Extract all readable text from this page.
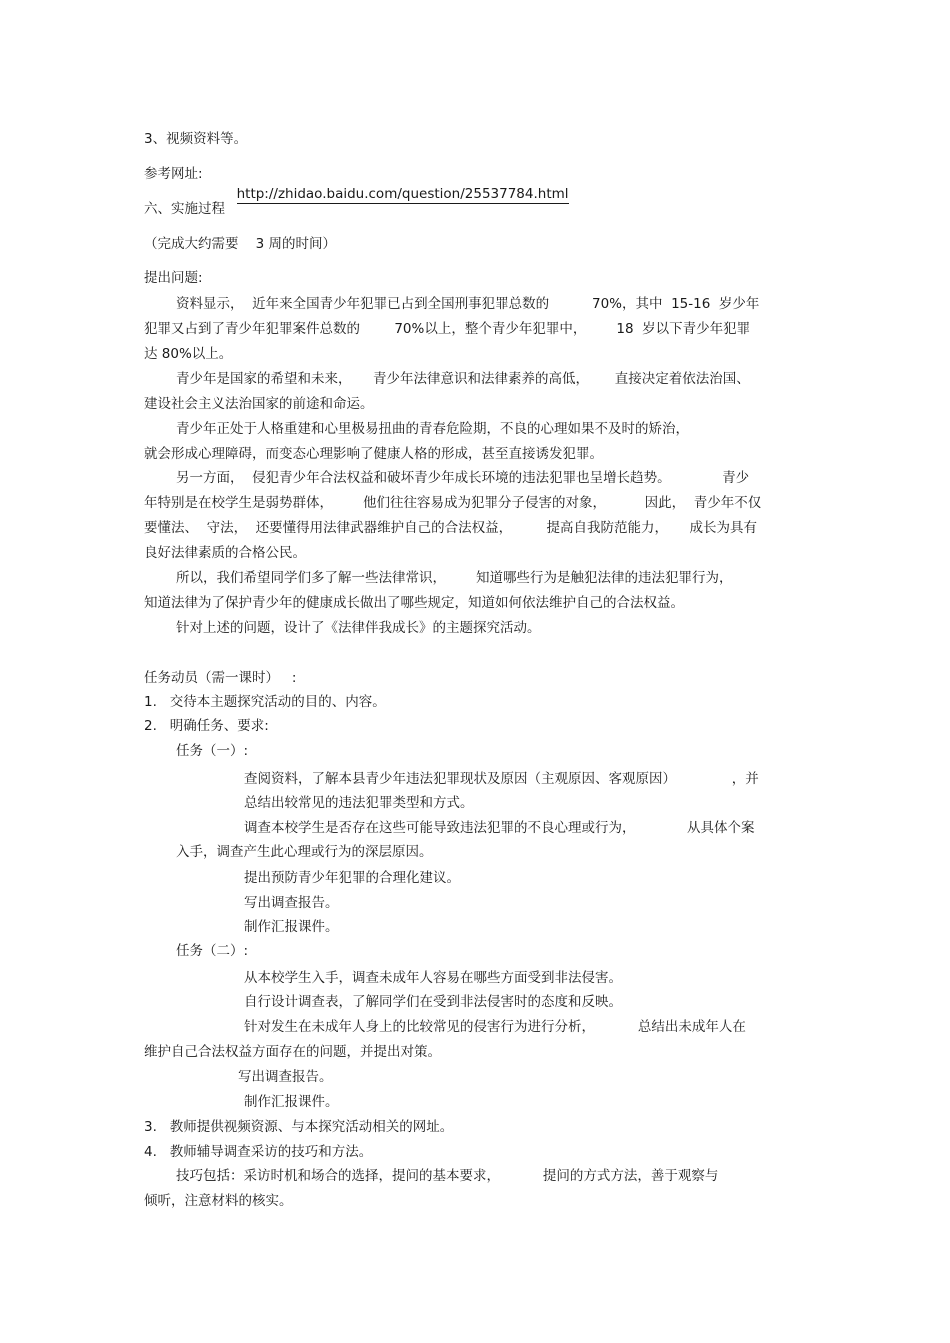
3、视频资料等。
参考网址:

http://zhidao.baidu.com/question/25537784.html

六、实施过程
（完成大约需要    3 周的时间）
提出问题:
资料显示，  近年来全国青少年犯罪已占到全国刑事犯罪总数的          70%，其中  15-16  岁少年
犯罪又占到了青少年犯罪案件总数的        70%以上，整个青少年犯罪中，       18  岁以下青少年犯罪
达 80%以上。
青少年是国家的希望和未来，     青少年法律意识和法律素养的高低，      直接决定着依法治国、
建设社会主义法治国家的前途和命运。
青少年正处于人格重建和心里极易扭曲的青春危险期，不良的心理如果不及时的矫治，
就会形成心理障碍，而变态心理影响了健康人格的形成，甚至直接诱发犯罪。
另一方面，  侵犯青少年合法权益和破坏青少年成长环境的违法犯罪也呈增长趋势。            青少
年特别是在校学生是弱势群体，       他们往往容易成为犯罪分子侵害的对象，         因此，  青少年不仅
要懂法、  守法，  还要懂得用法律武器维护自己的合法权益，        提高自我防范能力，     成长为具有
良好法律素质的合格公民。
所以，我们希望同学们多了解一些法律常识，       知道哪些行为是触犯法律的违法犯罪行为，
知道法律为了保护青少年的健康成长做出了哪些规定，知道如何依法维护自己的合法权益。
针对上述的问题，设计了《法律伴我成长》的主题探究活动。
任务动员（需一课时）   :
1.   交待本主题探究活动的目的、内容。
2.   明确任务、要求:
任务（一）:
查阅资料，了解本县青少年违法犯罪现状及原因（主观原因、客观原因）             ，并
总结出较常见的违法犯罪类型和方式。
调查本校学生是否存在这些可能导致违法犯罪的不良心理或行为，            从具体个案
入手，调查产生此心理或行为的深层原因。
提出预防青少年犯罪的合理化建议。
写出调查报告。
制作汇报课件。
任务（二）:
从本校学生入手，调查未成年人容易在哪些方面受到非法侵害。
自行设计调查表，了解同学们在受到非法侵害时的态度和反映。
针对发生在未成年人身上的比较常见的侵害行为进行分析，          总结出未成年人在
维护自己合法权益方面存在的问题，并提出对策。
写出调查报告。
制作汇报课件。
3.   教师提供视频资源、与本探究活动相关的网址。
4.   教师辅导调查采访的技巧和方法。
技巧包括：采访时机和场合的选择，提问的基本要求，          提问的方式方法，善于观察与
倾听，注意材料的核实。
